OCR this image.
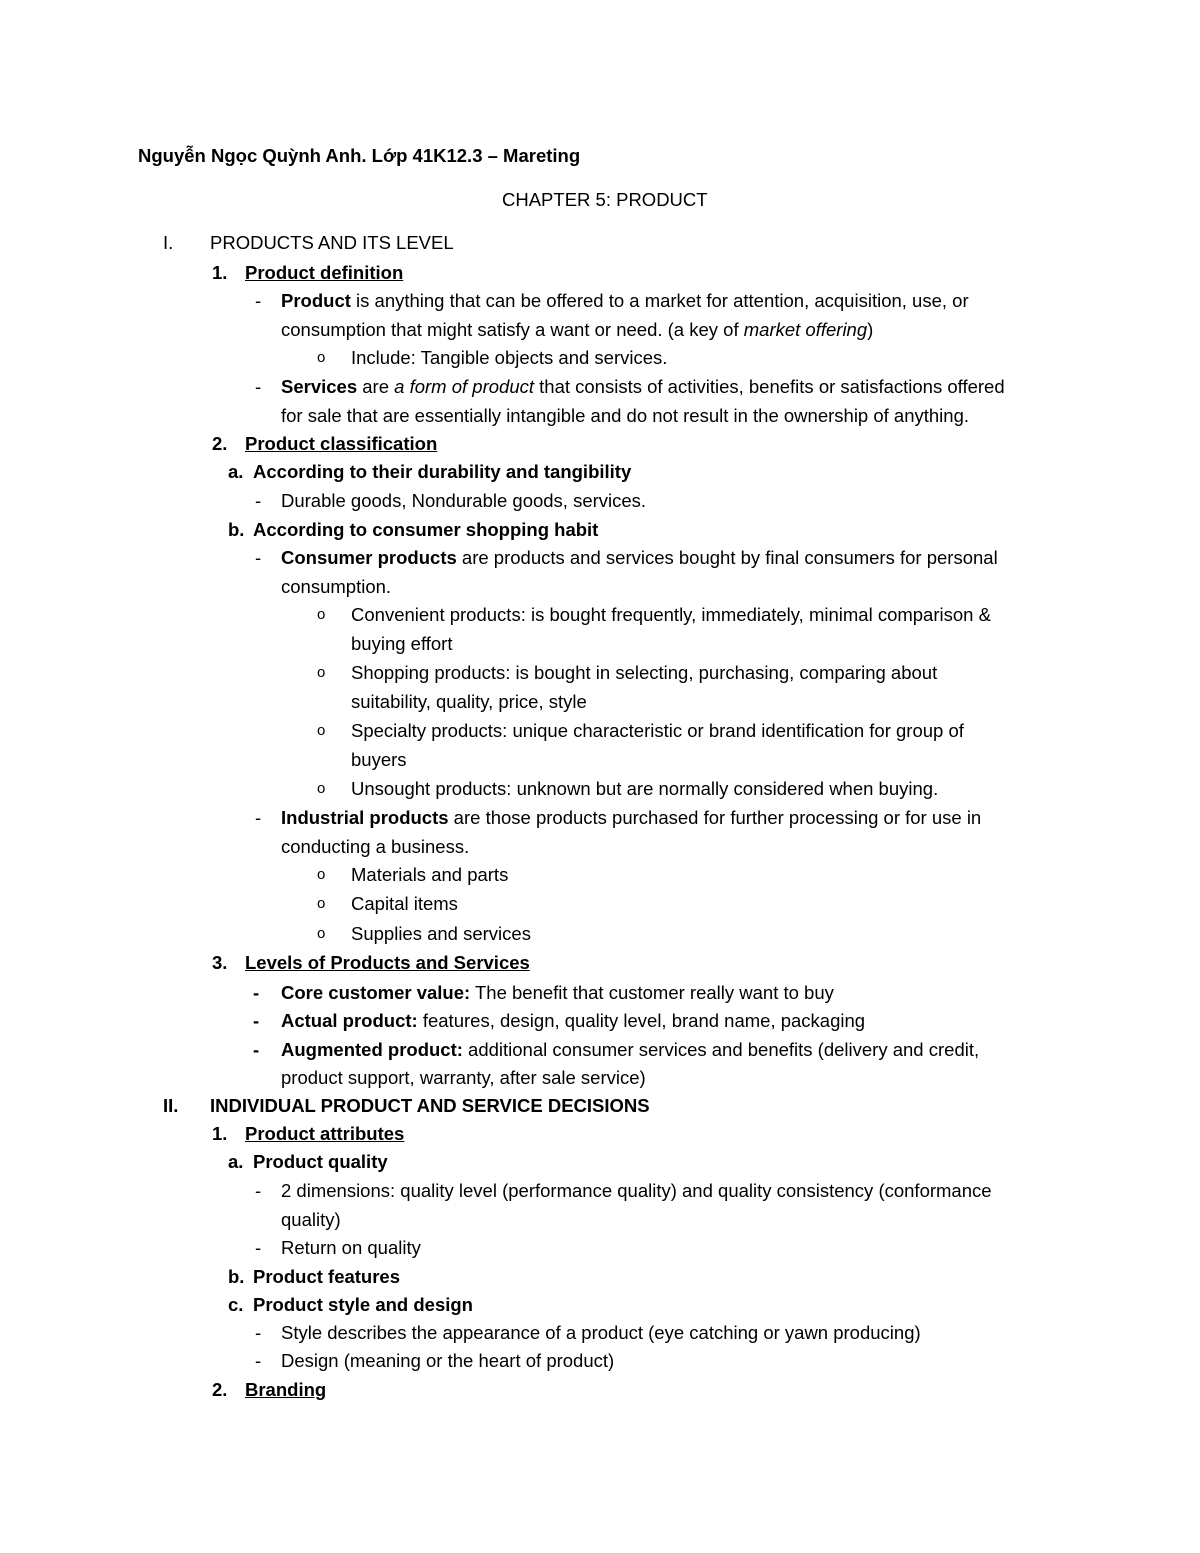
Nguyễn Ngọc Quỳnh Anh. Lớp 41K12.3 – Mareting
CHAPTER 5: PRODUCT
I. PRODUCTS AND ITS LEVEL
1. Product definition
- Product is anything that can be offered to a market for attention, acquisition, use, or
consumption that might satisfy a want or need. (a key of market offering)
o Include: Tangible objects and services.
- Services are a form of product that consists of activities, benefits or satisfactions offered
for sale that are essentially intangible and do not result in the ownership of anything.
2. Product classification
a. According to their durability and tangibility
- Durable goods, Nondurable goods, services.
b. According to consumer shopping habit
- Consumer products are products and services bought by final consumers for personal
consumption.
o Convenient products: is bought frequently, immediately, minimal comparison &
buying effort
o Shopping products: is bought in selecting, purchasing, comparing about
suitability, quality, price, style
o Specialty products: unique characteristic or brand identification for group of
buyers
o Unsought products: unknown but are normally considered when buying.
- Industrial products are those products purchased for further processing or for use in
conducting a business.
o Materials and parts
o Capital items
o Supplies and services
3. Levels of Products and Services
- Core customer value: The benefit that customer really want to buy
- Actual product: features, design, quality level, brand name, packaging
- Augmented product: additional consumer services and benefits (delivery and credit,
product support, warranty, after sale service)
II. INDIVIDUAL PRODUCT AND SERVICE DECISIONS
1. Product attributes
a. Product quality
- 2 dimensions: quality level (performance quality) and quality consistency (conformance
quality)
- Return on quality
b. Product features
c. Product style and design
- Style describes the appearance of a product (eye catching or yawn producing)
- Design (meaning or the heart of product)
2. Branding
